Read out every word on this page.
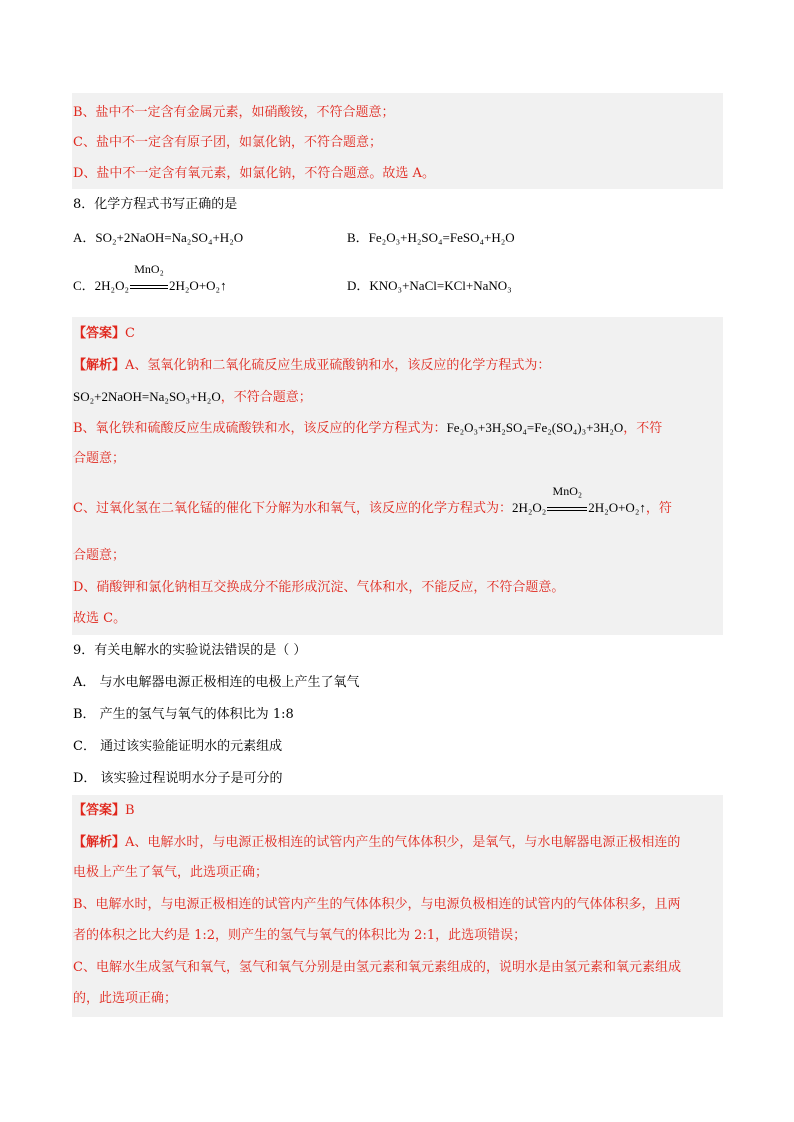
B、盐中不一定含有金属元素，如硝酸铵，不符合题意；
C、盐中不一定含有原子团，如氯化钠，不符合题意；
D、盐中不一定含有氧元素，如氯化钠，不符合题意。故选 A。
8．化学方程式书写正确的是
A．SO₂+2NaOH=Na₂SO₄+H₂O	B．Fe₂O₃+H₂SO₄=FeSO₄+H₂O
C．2H₂O₂
MnO₂
2H₂O+O₂↑	D．KNO₃+NaCl=KCl+NaNO₃
【答案】C
【解析】A、氢氧化钠和二氧化硫反应生成亚硫酸钠和水，该反应的化学方程式为：
SO₂+2NaOH=Na₂SO₃+H₂O，不符合题意；
B、氧化铁和硫酸反应生成硫酸铁和水，该反应的化学方程式为：Fe₂O₃+3H₂SO₄=Fe₂(SO₄)₃+3H₂O，不符
合题意；
C、过氧化氢在二氧化锰的催化下分解为水和氧气，该反应的化学方程式为：2H₂O₂
MnO₂
2H₂O+O₂↑，符
合题意；
D、硝酸钾和氯化钠相互交换成分不能形成沉淀、气体和水，不能反应，不符合题意。
故选 C。
9．有关电解水的实验说法错误的是（ ）
A． 与水电解器电源正极相连的电极上产生了氧气
B． 产生的氢气与氧气的体积比为 1:8
C． 通过该实验能证明水的元素组成
D． 该实验过程说明水分子是可分的
【答案】B
【解析】A、电解水时，与电源正极相连的试管内产生的气体体积少，是氧气，与水电解器电源正极相连的
电极上产生了氧气，此选项正确；
B、电解水时，与电源正极相连的试管内产生的气体体积少，与电源负极相连的试管内的气体体积多，且两
者的体积之比大约是 1:2，则产生的氢气与氧气的体积比为 2:1，此选项错误；
C、电解水生成氢气和氧气，氢气和氧气分别是由氢元素和氧元素组成的，说明水是由氢元素和氧元素组成
的，此选项正确；
